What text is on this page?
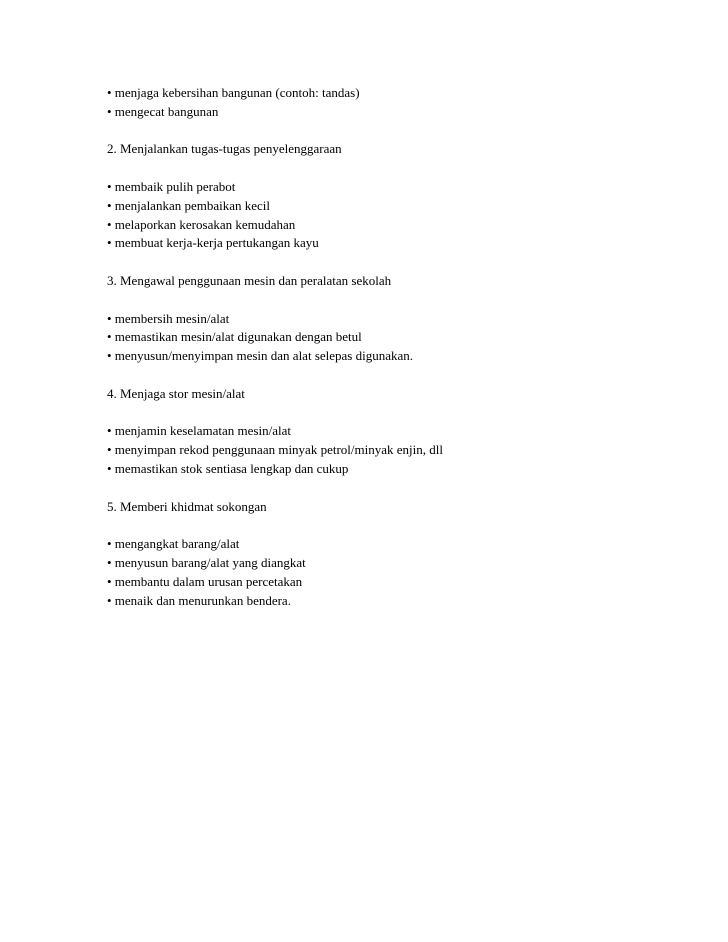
• menjaga kebersihan bangunan (contoh: tandas)
• mengecat bangunan
2. Menjalankan tugas-tugas penyelenggaraan
• membaik pulih perabot
• menjalankan pembaikan kecil
• melaporkan kerosakan kemudahan
• membuat kerja-kerja pertukangan kayu
3. Mengawal penggunaan mesin dan peralatan sekolah
• membersih mesin/alat
• memastikan mesin/alat digunakan dengan betul
• menyusun/menyimpan mesin dan alat selepas digunakan.
4. Menjaga stor mesin/alat
• menjamin keselamatan mesin/alat
• menyimpan rekod penggunaan minyak petrol/minyak enjin, dll
• memastikan stok sentiasa lengkap dan cukup
5. Memberi khidmat sokongan
• mengangkat barang/alat
• menyusun barang/alat yang diangkat
• membantu dalam urusan percetakan
• menaik dan menurunkan bendera.
